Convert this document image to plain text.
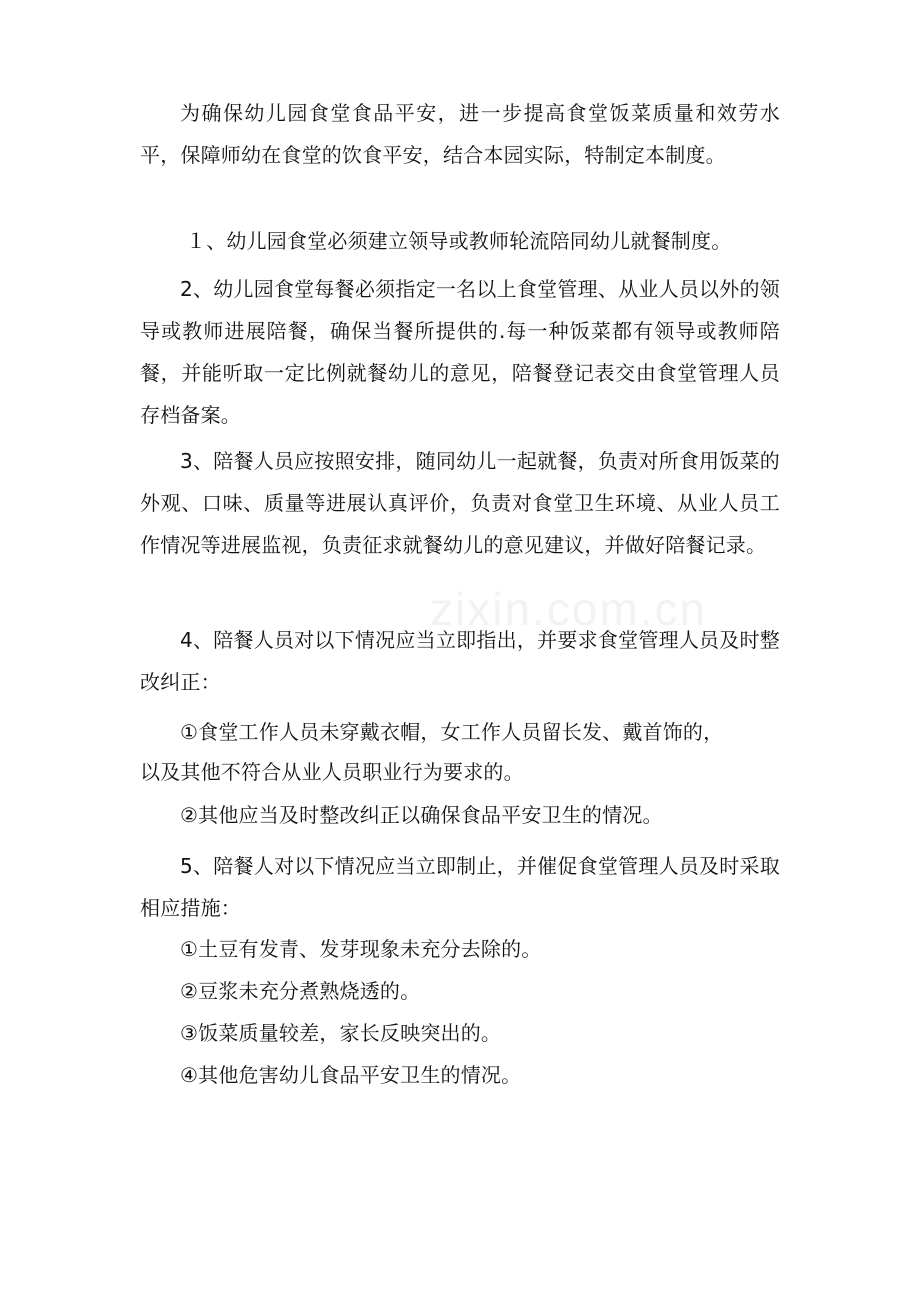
zixin.com.cn

为确保幼儿园食堂食品平安，进一步提高食堂饭菜质量和效劳水平，保障师幼在食堂的饮食平安，结合本园实际，特制定本制度。

１、幼儿园食堂必须建立领导或教师轮流陪同幼儿就餐制度。

2、幼儿园食堂每餐必须指定一名以上食堂管理、从业人员以外的领导或教师进展陪餐，确保当餐所提供的.每一种饭菜都有领导或教师陪餐，并能听取一定比例就餐幼儿的意见，陪餐登记表交由食堂管理人员存档备案。

3、陪餐人员应按照安排，随同幼儿一起就餐，负责对所食用饭菜的外观、口味、质量等进展认真评价，负责对食堂卫生环境、从业人员工作情况等进展监视，负责征求就餐幼儿的意见建议，并做好陪餐记录。

4、陪餐人员对以下情况应当立即指出，并要求食堂管理人员及时整改纠正：

①食堂工作人员未穿戴衣帽，女工作人员留长发、戴首饰的，

以及其他不符合从业人员职业行为要求的。

②其他应当及时整改纠正以确保食品平安卫生的情况。

5、陪餐人对以下情况应当立即制止，并催促食堂管理人员及时采取相应措施：

①土豆有发青、发芽现象未充分去除的。

②豆浆未充分煮熟烧透的。

③饭菜质量较差，家长反映突出的。

④其他危害幼儿食品平安卫生的情况。
